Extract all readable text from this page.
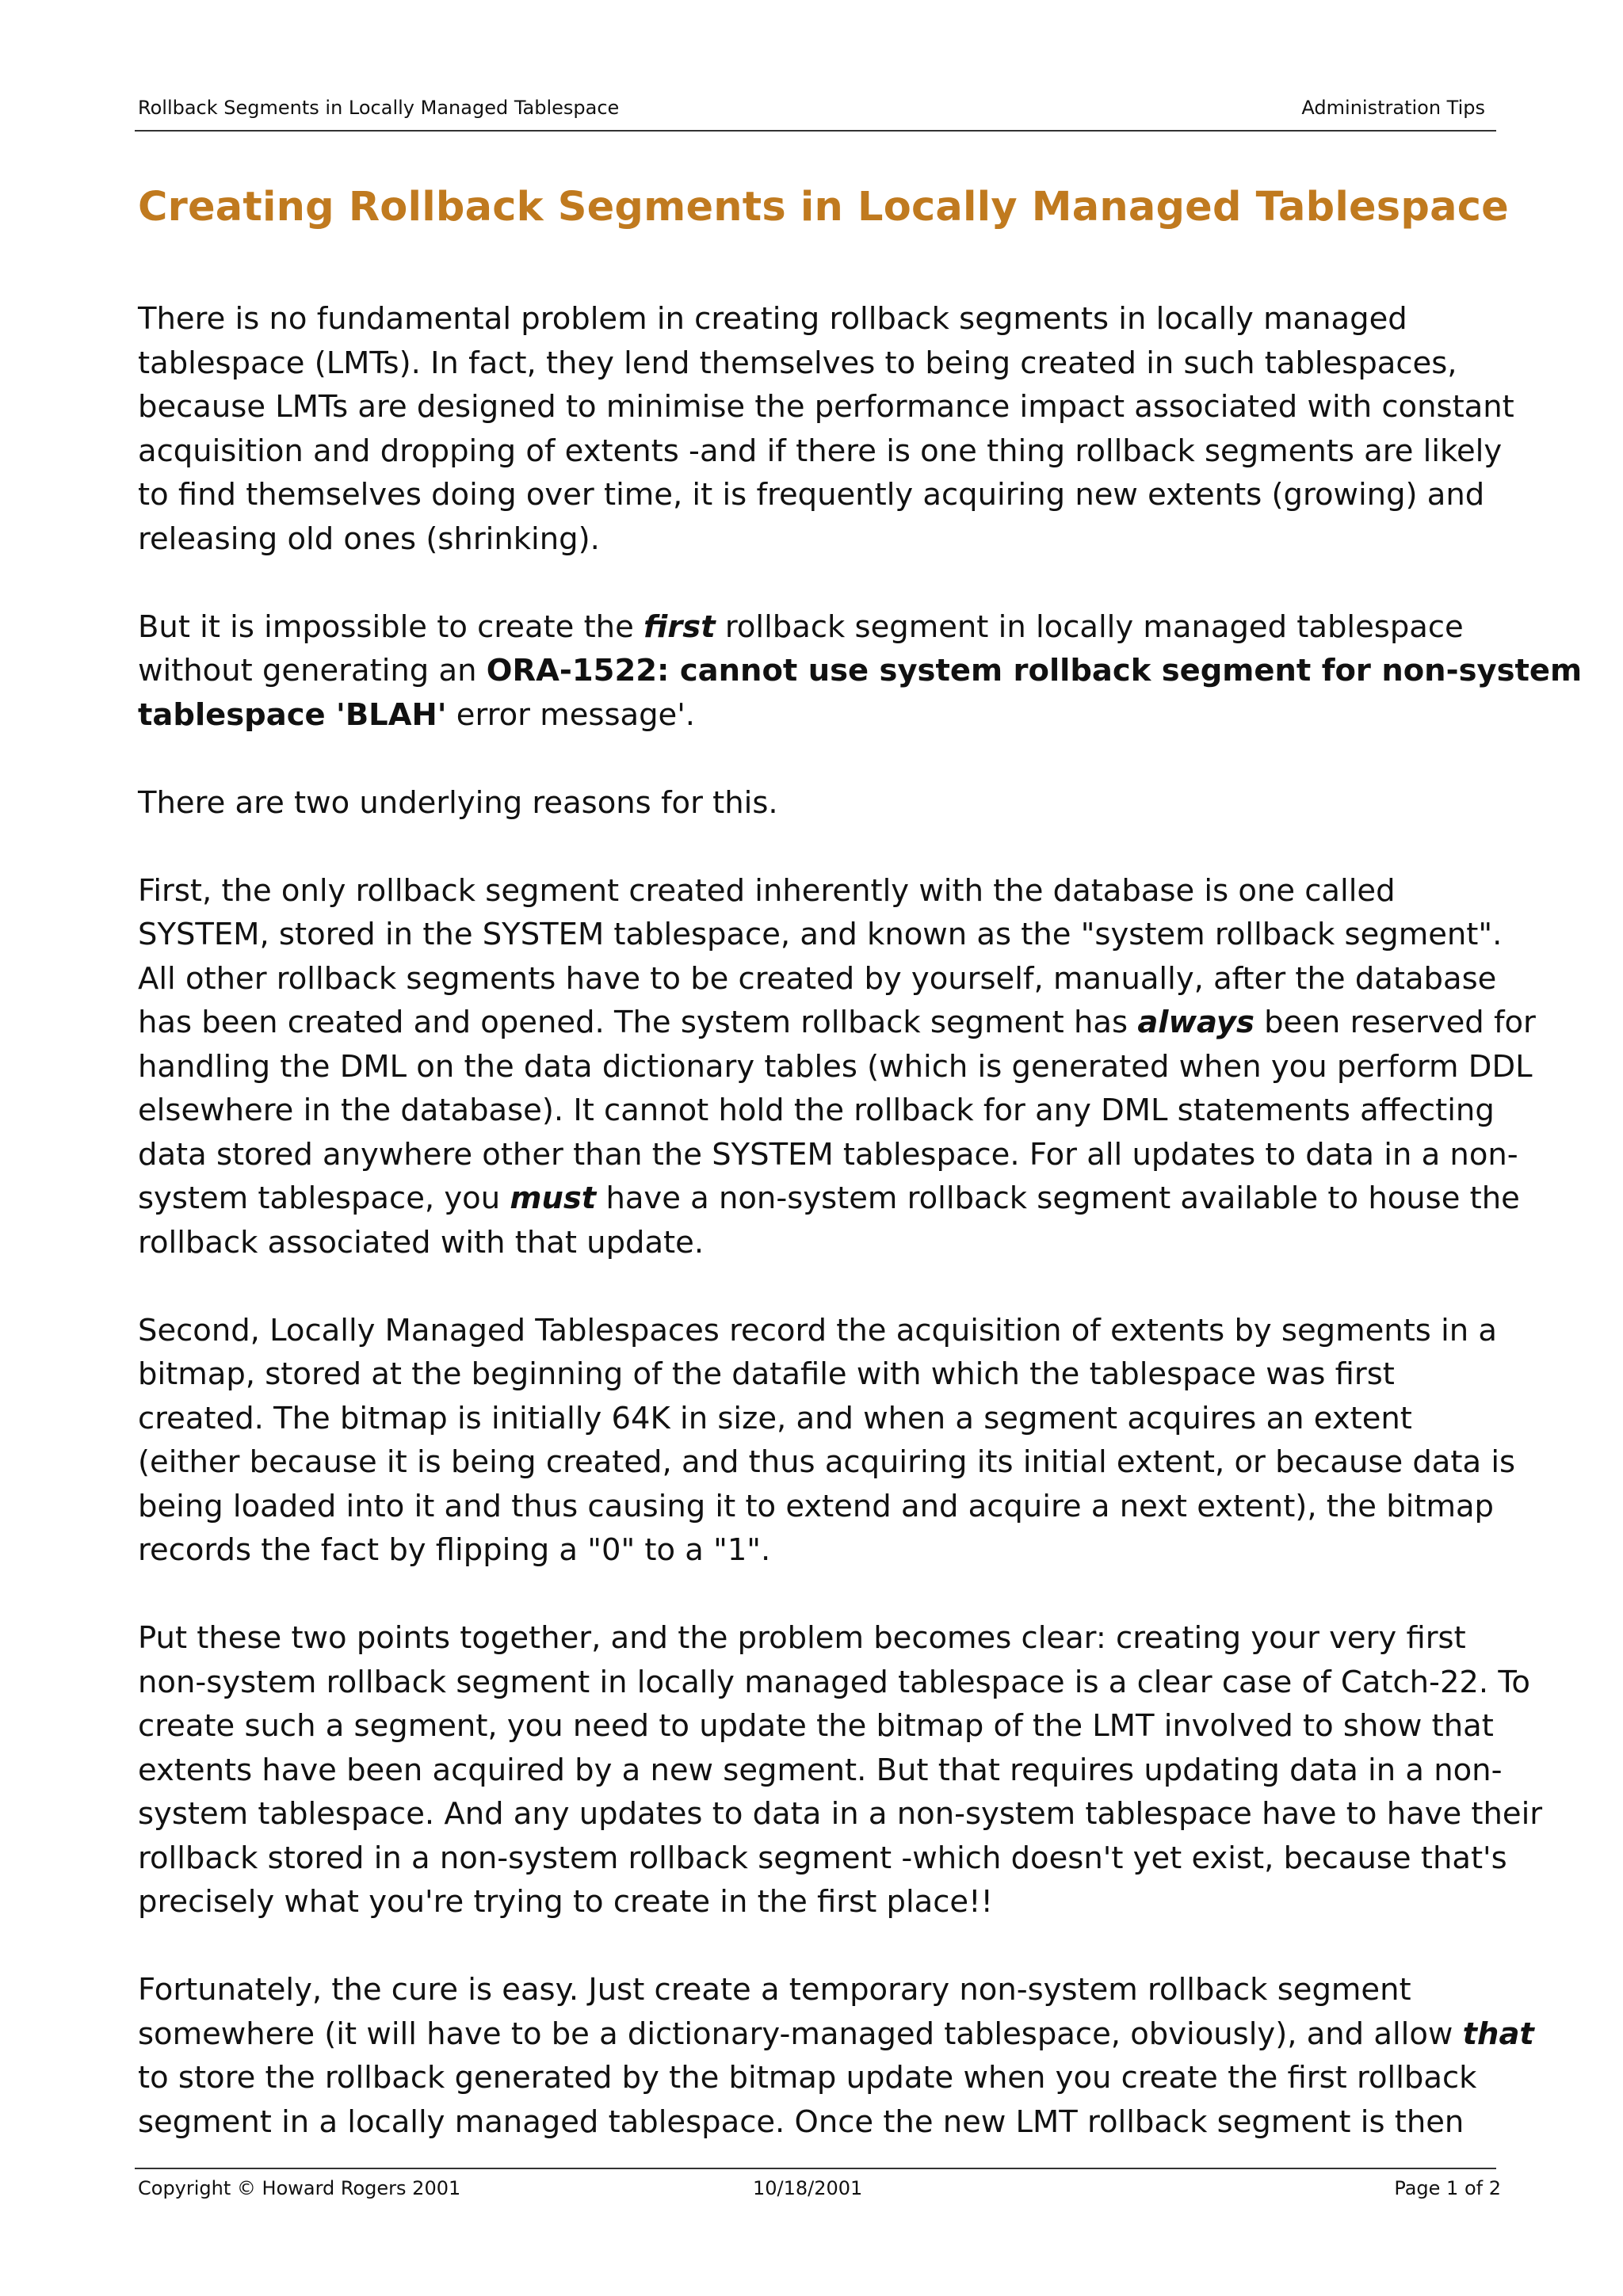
Rollback Segments in Locally Managed Tablespace	Administration Tips
Creating Rollback Segments in Locally Managed Tablespace

There is no fundamental problem in creating rollback segments in locally managed
tablespace (LMTs). In fact, they lend themselves to being created in such tablespaces,
because LMTs are designed to minimise the performance impact associated with constant
acquisition and dropping of extents -and if there is one thing rollback segments are likely
to find themselves doing over time, it is frequently acquiring new extents (growing) and
releasing old ones (shrinking).

But it is impossible to create the first rollback segment in locally managed tablespace
without generating an ORA-1522: cannot use system rollback segment for non-system
tablespace 'BLAH' error message'.

There are two underlying reasons for this.

First, the only rollback segment created inherently with the database is one called
SYSTEM, stored in the SYSTEM tablespace, and known as the "system rollback segment".
All other rollback segments have to be created by yourself, manually, after the database
has been created and opened. The system rollback segment has always been reserved for
handling the DML on the data dictionary tables (which is generated when you perform DDL
elsewhere in the database). It cannot hold the rollback for any DML statements affecting
data stored anywhere other than the SYSTEM tablespace. For all updates to data in a non-
system tablespace, you must have a non-system rollback segment available to house the
rollback associated with that update.

Second, Locally Managed Tablespaces record the acquisition of extents by segments in a
bitmap, stored at the beginning of the datafile with which the tablespace was first
created. The bitmap is initially 64K in size, and when a segment acquires an extent
(either because it is being created, and thus acquiring its initial extent, or because data is
being loaded into it and thus causing it to extend and acquire a next extent), the bitmap
records the fact by flipping a "0" to a "1".

Put these two points together, and the problem becomes clear: creating your very first
non-system rollback segment in locally managed tablespace is a clear case of Catch-22. To
create such a segment, you need to update the bitmap of the LMT involved to show that
extents have been acquired by a new segment. But that requires updating data in a non-
system tablespace. And any updates to data in a non-system tablespace have to have their
rollback stored in a non-system rollback segment -which doesn't yet exist, because that's
precisely what you're trying to create in the first place!!

Fortunately, the cure is easy. Just create a temporary non-system rollback segment
somewhere (it will have to be a dictionary-managed tablespace, obviously), and allow that
to store the rollback generated by the bitmap update when you create the first rollback
segment in a locally managed tablespace. Once the new LMT rollback segment is then

Copyright © Howard Rogers 2001	10/18/2001	Page 1 of 2
